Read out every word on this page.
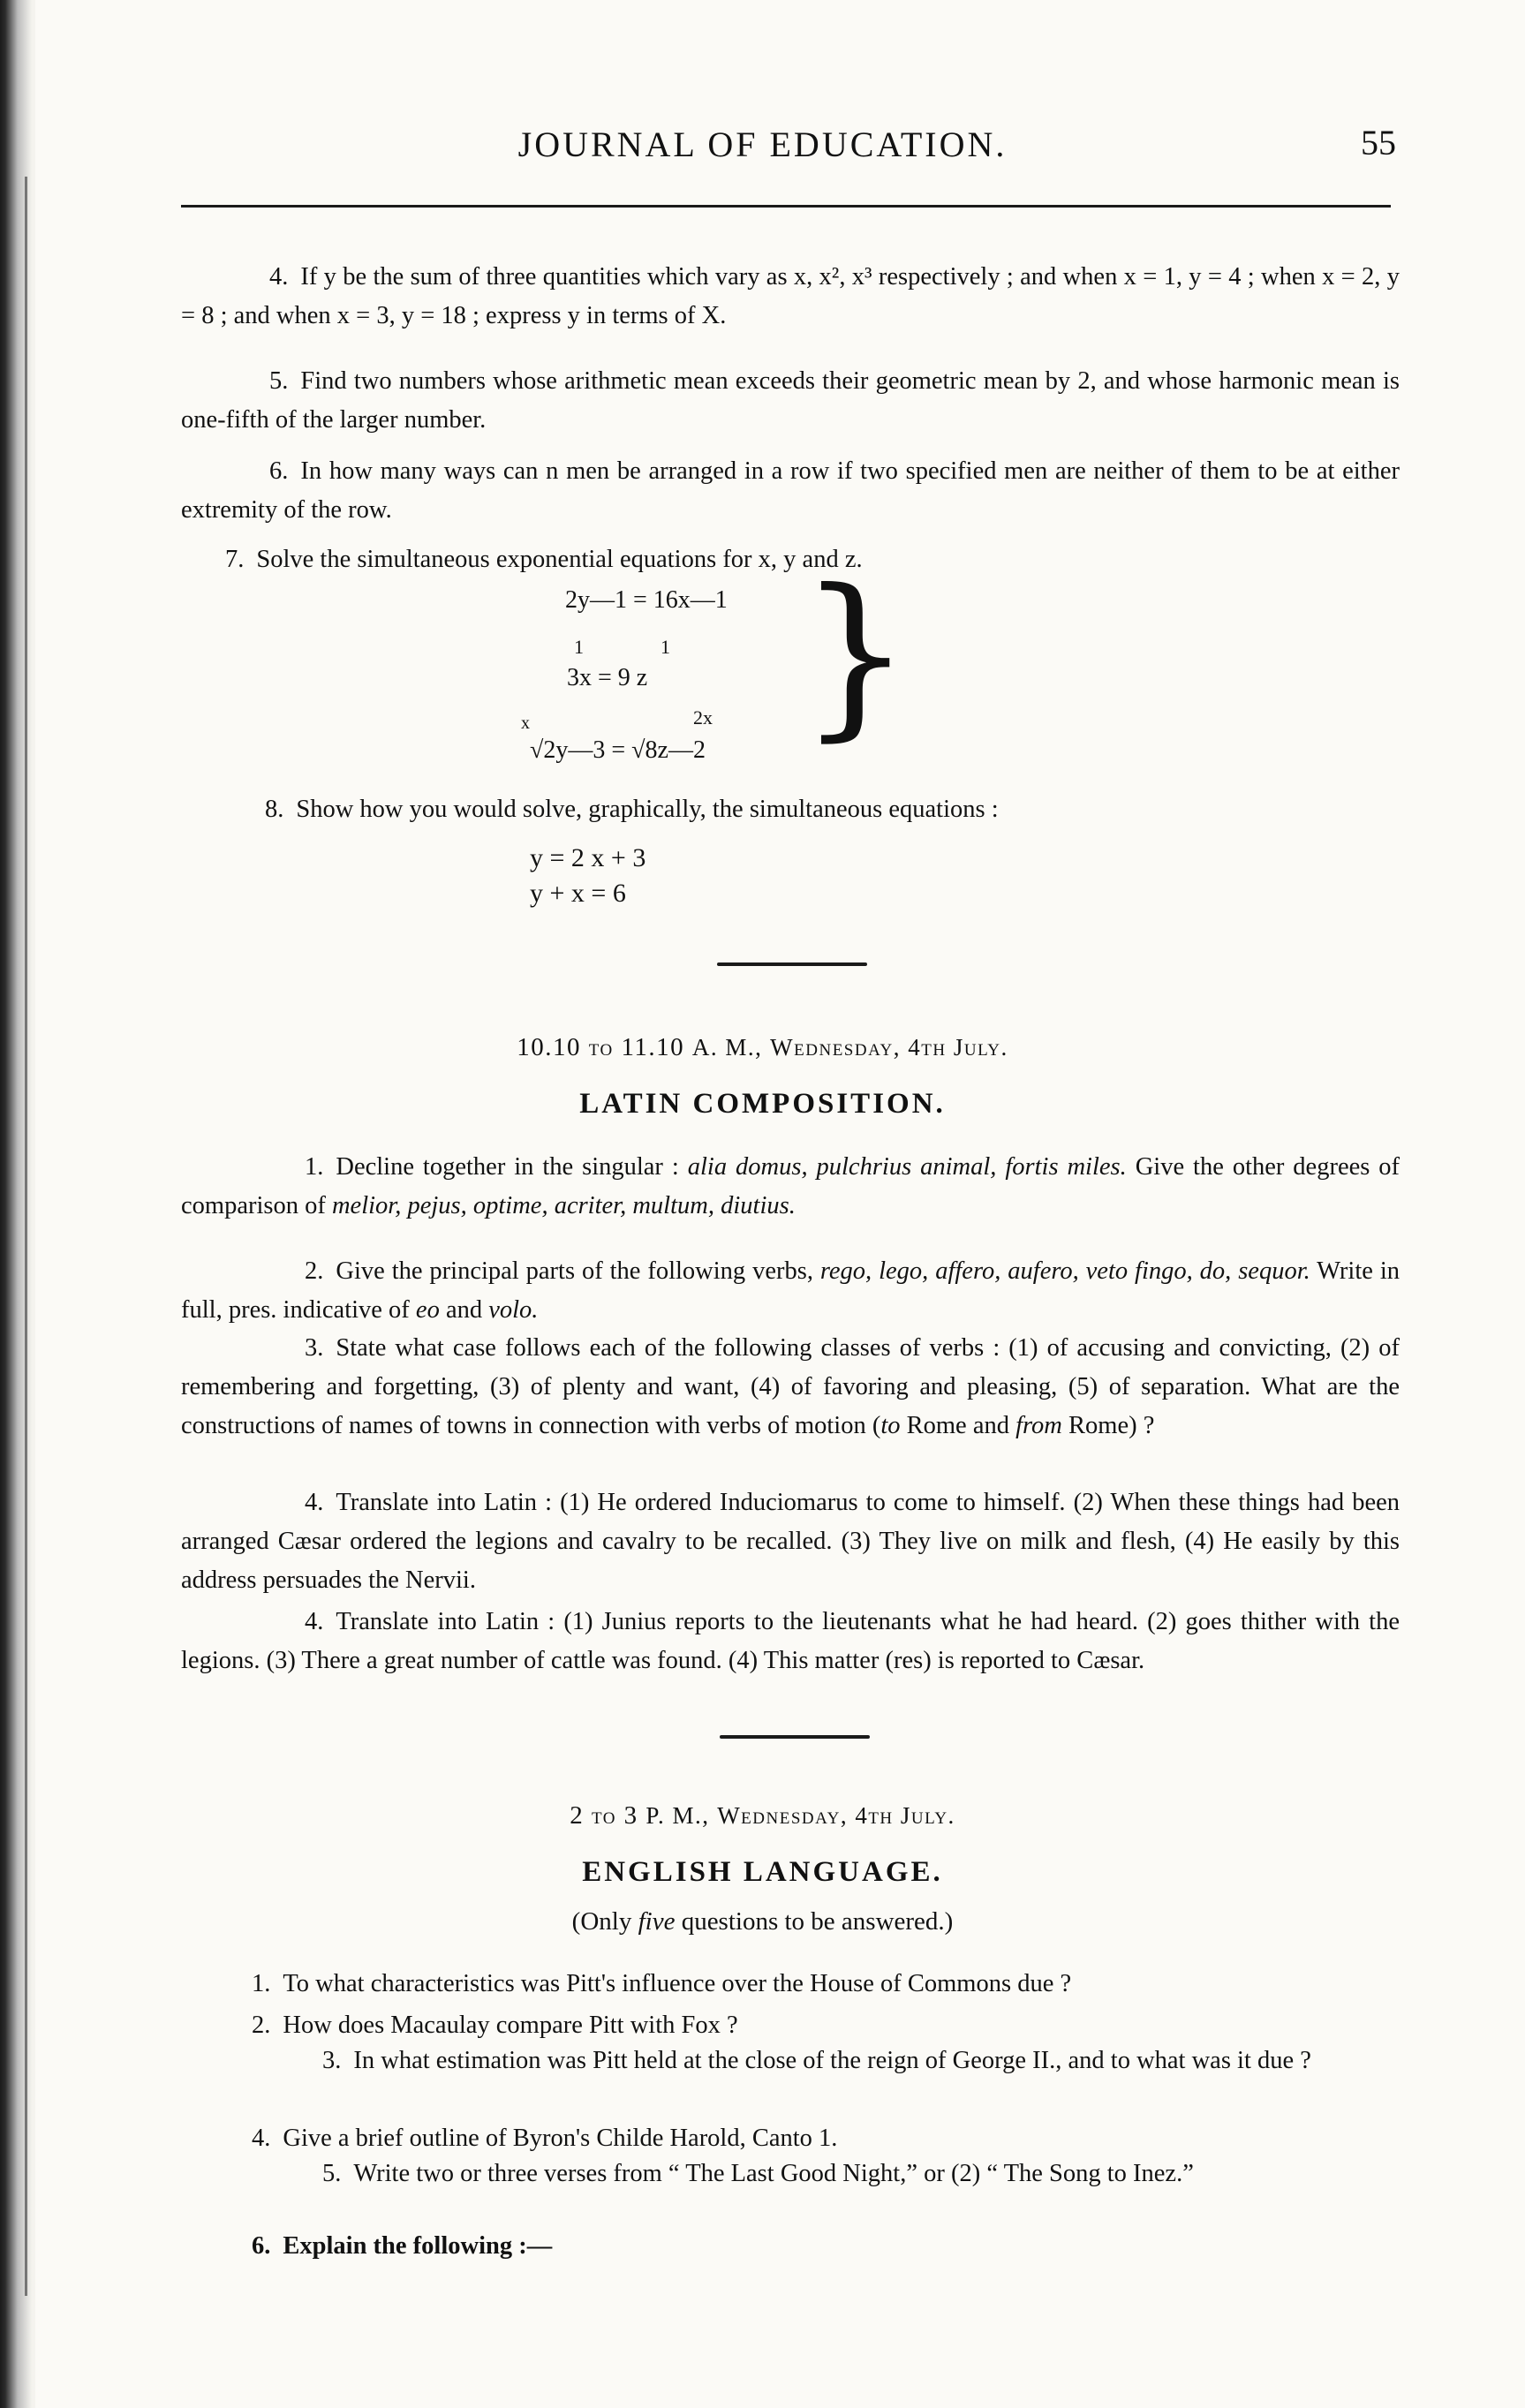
JOURNAL OF EDUCATION.	55
4. If y be the sum of three quantities which vary as x, x², x³ respectively ; and when x = 1, y = 4 ; when x = 2, y = 8 ; and when x = 3, y = 18 ; express y in terms of X.
5. Find two numbers whose arithmetic mean exceeds their geometric mean by 2, and whose harmonic mean is one-fifth of the larger number.
6. In how many ways can n men be arranged in a row if two specified men are neither of them to be at either extremity of the row.
7. Solve the simultaneous exponential equations for x, y and z.
2y—1 = 16x—1
1	1
3x = 9 z
x	2x
√2y—3 = √8z—2 }
8. Show how you would solve, graphically, the simultaneous equations :
y = 2 x + 3
y + x = 6
10.10 to 11.10 A. M., Wednesday, 4th July.
LATIN COMPOSITION.
1. Decline together in the singular : alia domus, pulchrius animal, fortis miles. Give the other degrees of comparison of melior, pejus, optime, acriter, multum, diutius.
2. Give the principal parts of the following verbs, rego, lego, affero, aufero, veto fingo, do, sequor. Write in full, pres. indicative of eo and volo.
3. State what case follows each of the following classes of verbs : (1) of accusing and convicting, (2) of remembering and forgetting, (3) of plenty and want, (4) of favoring and pleasing, (5) of separation. What are the constructions of names of towns in connection with verbs of motion (to Rome and from Rome) ?
4. Translate into Latin : (1) He ordered Induciomarus to come to himself. (2) When these things had been arranged Cæsar ordered the legions and cavalry to be recalled. (3) They live on milk and flesh, (4) He easily by this address persuades the Nervii.
4. Translate into Latin : (1) Junius reports to the lieutenants what he had heard. (2) goes thither with the legions. (3) There a great number of cattle was found. (4) This matter (res) is reported to Cæsar.
2 to 3 P. M., Wednesday, 4th July.
ENGLISH LANGUAGE.
(Only five questions to be answered.)
1. To what characteristics was Pitt's influence over the House of Commons due ?
2. How does Macaulay compare Pitt with Fox ?
3. In what estimation was Pitt held at the close of the reign of George II., and to what was it due ?
4. Give a brief outline of Byron's Childe Harold, Canto 1.
5. Write two or three verses from “ The Last Good Night,” or (2) “ The Song to Inez.”
6. Explain the following :—
